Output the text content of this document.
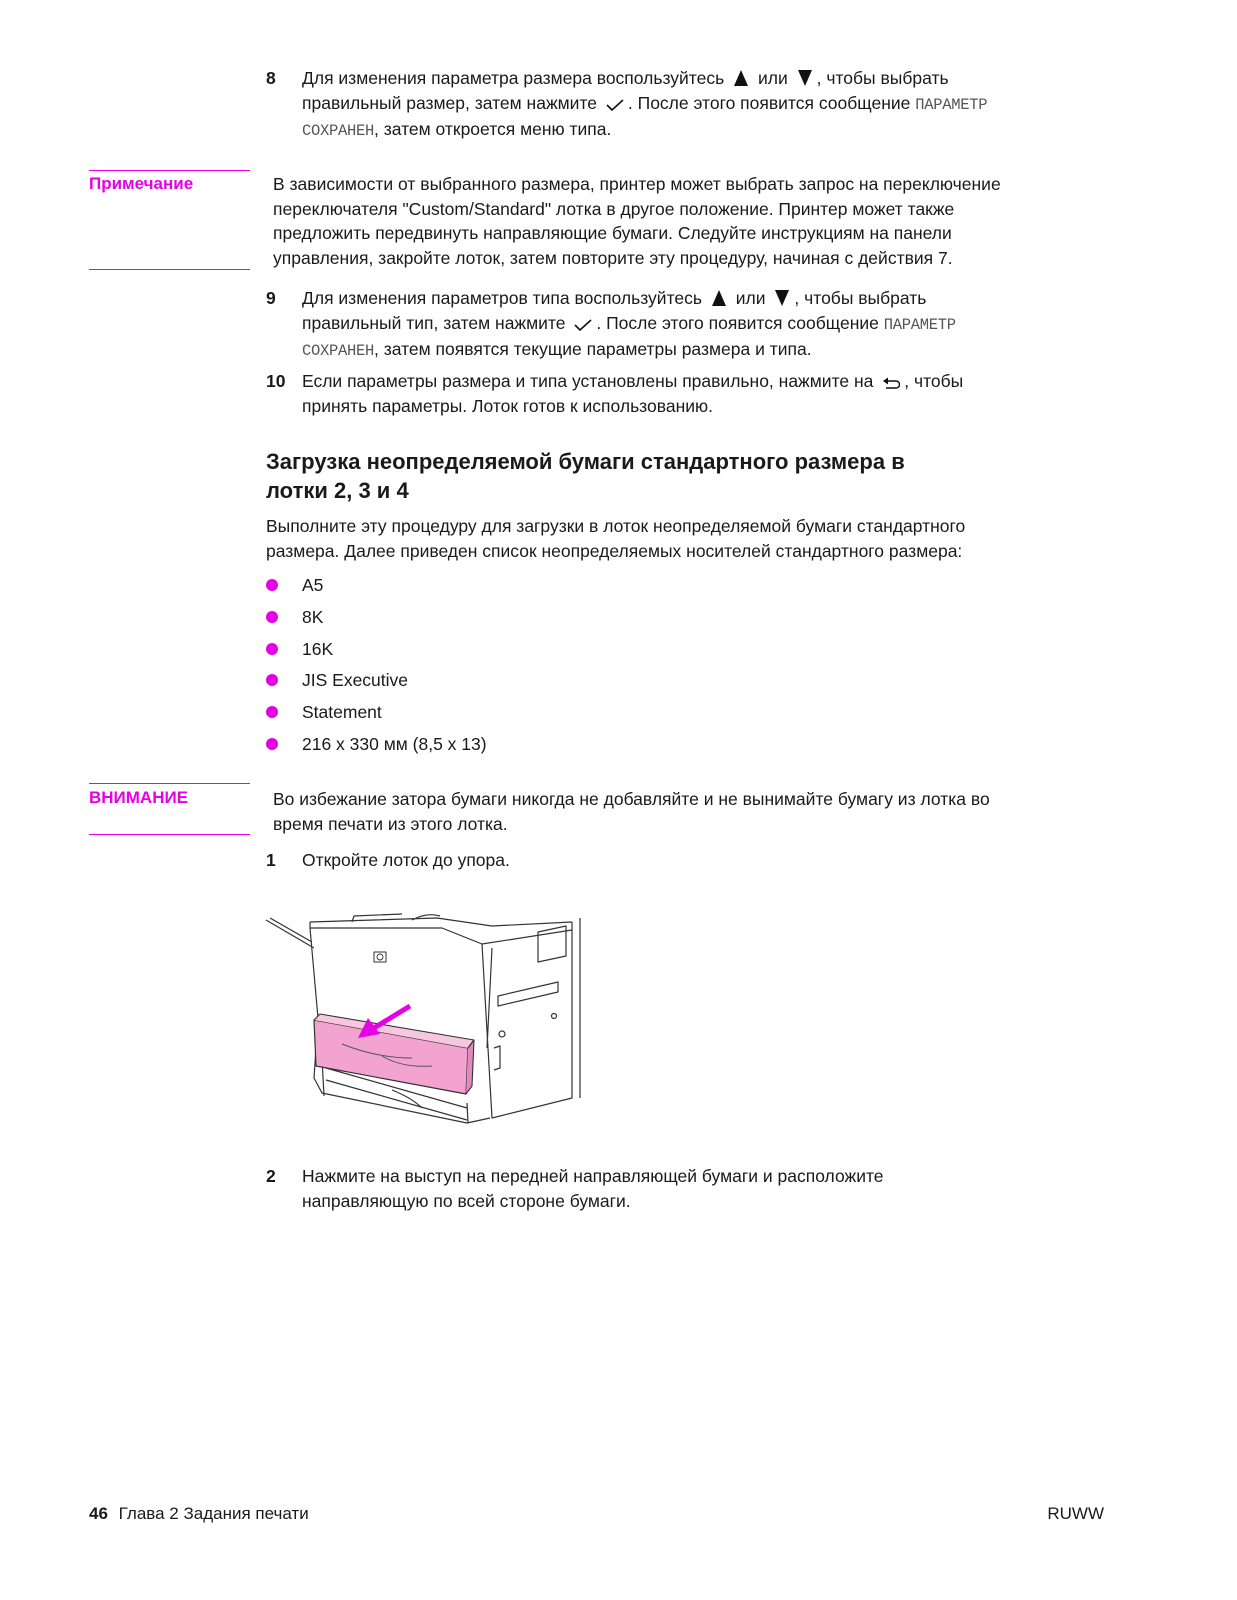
8 Для изменения параметра размера воспользуйтесь или , чтобы выбрать
правильный размер, затем нажмите . После этого появится сообщение ПАРАМЕТР
СОХРАНЕН, затем откроется меню типа.
Примечание	В зависимости от выбранного размера, принтер может выбрать запрос на переключение
переключателя "Custom/Standard" лотка в другое положение. Принтер может также
предложить передвинуть направляющие бумаги. Следуйте инструкциям на панели
управления, закройте лоток, затем повторите эту процедуру, начиная с действия 7.
9 Для изменения параметров типа воспользуйтесь или , чтобы выбрать
правильный тип, затем нажмите . После этого появится сообщение ПАРАМЕТР
СОХРАНЕН, затем появятся текущие параметры размера и типа.
10 Если параметры размера и типа установлены правильно, нажмите на , чтобы
принять параметры. Лоток готов к использованию.
Загрузка неопределяемой бумаги стандартного размера в
лотки 2, 3 и 4
Выполните эту процедуру для загрузки в лоток неопределяемой бумаги стандартного
размера. Далее приведен список неопределяемых носителей стандартного размера:
A5
8K
16K
JIS Executive
Statement
216 x 330 мм (8,5 x 13)
ВНИМАНИЕ	Во избежание затора бумаги никогда не добавляйте и не вынимайте бумагу из лотка во
время печати из этого лотка.
1 Откройте лоток до упора.
2 Нажмите на выступ на передней направляющей бумаги и расположите
направляющую по всей стороне бумаги.
46 Глава 2 Задания печати	RUWW
